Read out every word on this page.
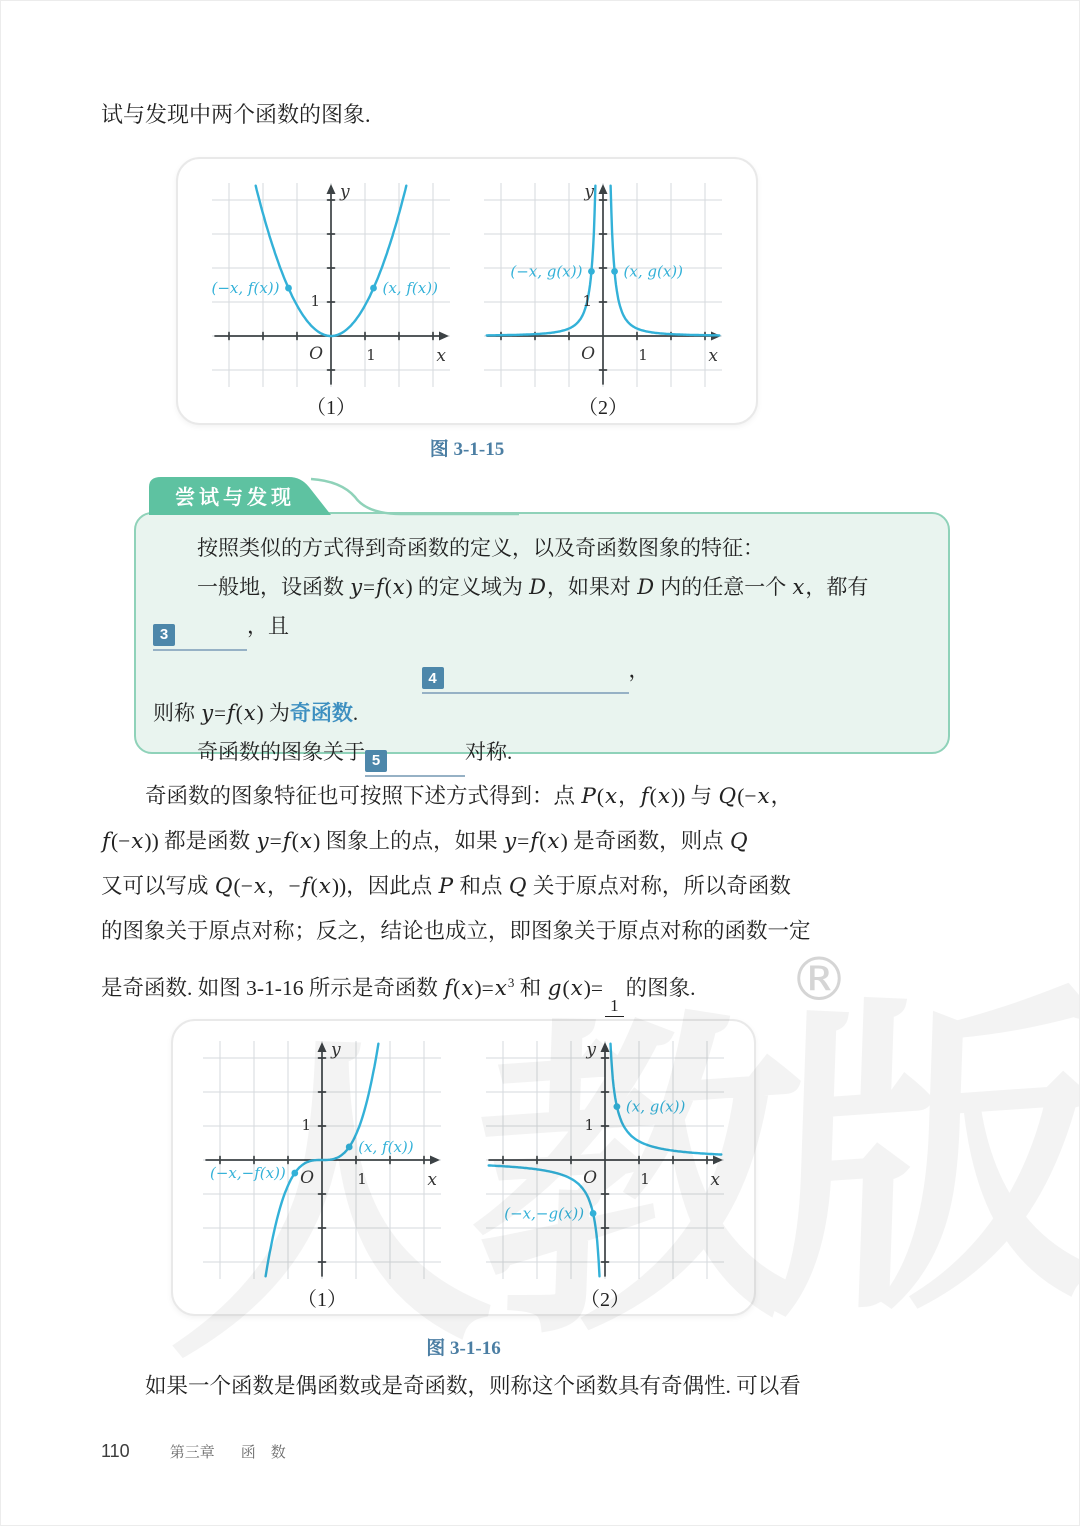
试与发现中两个函数的图象.
(−x, f(x))	(x, f(x))
x
y
O	1
1
（1）
(−x, g(x))	(x, g(x))
x
y
O	1
1
（2）
图 3-1-15
按照类似的方式得到奇函数的定义，以及奇函数图象的特征：
一般地，设函数 y=f(x) 的定义域为 D，如果对 D 内的任意一个 x，都有
3	，且
4	，
则称 y=f(x) 为奇函数.
奇函数的图象关于 5	对称.
尝试与发现
奇函数的图象特征也可按照下述方式得到：点 P(x，f(x)) 与 Q(−x，
f(−x)) 都是函数 y=f(x) 图象上的点，如果 y=f(x) 是奇函数，则点 Q
又可以写成 Q(−x，−f(x))，因此点 P 和点 Q 关于原点对称，所以奇函数
的图象关于原点对称；反之，结论也成立，即图象关于原点对称的函数一定
是奇函数. 如图 3-1-16 所示是奇函数 $f(x)=x^3$ 和 g(x)=
1
的图象.
(x, f(x))
(−x,−f(x))	x
y
O	1
1
（1）
(x, g(x))
(−x,−g(x))
x
y
O	1
1
（2）
图 3-1-16
如果一个函数是偶函数或是奇函数，则称这个函数具有奇偶性. 可以看
110	第三章 函　数
®
